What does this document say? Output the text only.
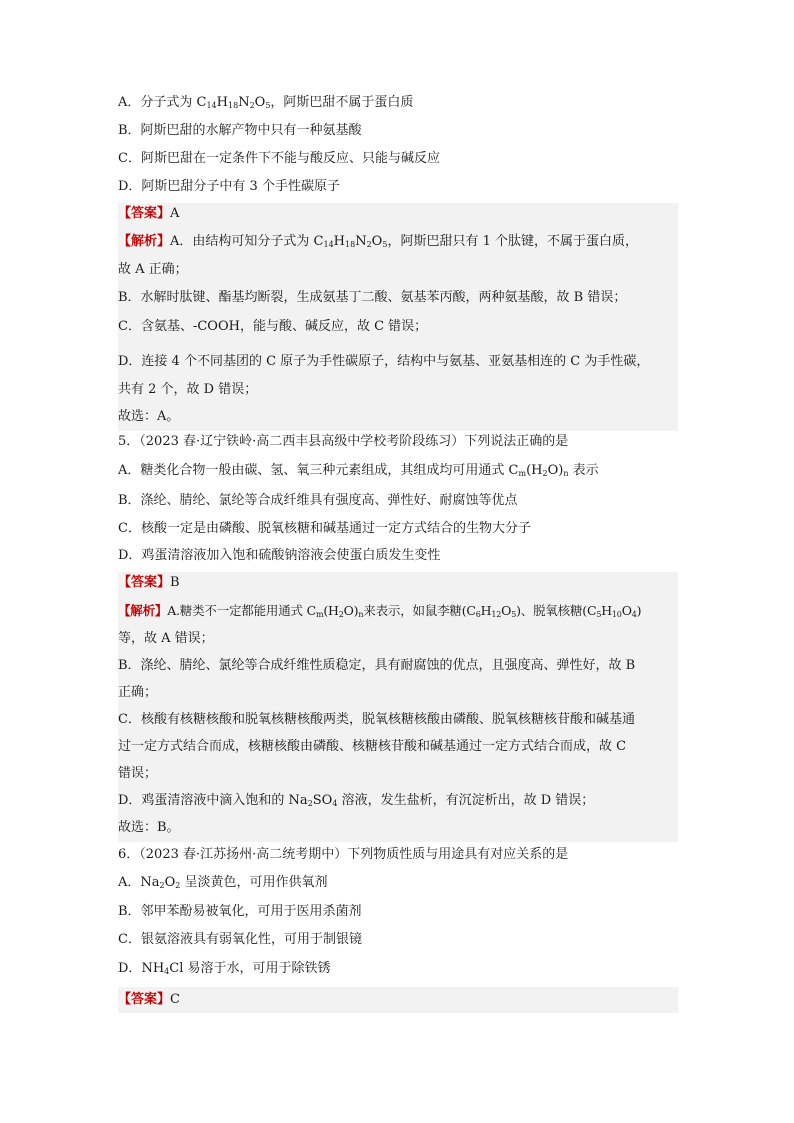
A．分子式为 $C_{14}H_{18}N_2O_5$，阿斯巴甜不属于蛋白质
B．阿斯巴甜的水解产物中只有一种氨基酸
C．阿斯巴甜在一定条件下不能与酸反应、只能与碱反应
D．阿斯巴甜分子中有 3 个手性碳原子
【答案】A
【解析】A．由结构可知分子式为 $C_{14}H_{18}N_2O_5$，阿斯巴甜只有 1 个肽键，不属于蛋白质，
故 A 正确；
B．水解时肽键、酯基均断裂，生成氨基丁二酸、氨基苯丙酸，两种氨基酸，故 B 错误；
C．含氨基、-COOH，能与酸、碱反应，故 C 错误；
D．连接 4 个不同基团的 C 原子为手性碳原子，结构中与氨基、亚氨基相连的 C 为手性碳，
共有 2 个，故 D 错误；
故选：A。
5．（2023 春·辽宁铁岭·高二西丰县高级中学校考阶段练习）下列说法正确的是
A．糖类化合物一般由碳、氢、氧三种元素组成，其组成均可用通式 $C_m(H_2O)_n$ 表示
B．涤纶、腈纶、氯纶等合成纤维具有强度高、弹性好、耐腐蚀等优点
C．核酸一定是由磷酸、脱氧核糖和碱基通过一定方式结合的生物大分子
D．鸡蛋清溶液加入饱和硫酸钠溶液会使蛋白质发生变性
【答案】B
【解析】A.糖类不一定都能用通式 $C_m(H_2O)_n$来表示，如鼠李糖$(C_6H_{12}O_5)$、脱氧核糖$(C_5H_{10}O_4)$
等，故 A 错误；
B．涤纶、腈纶、氯纶等合成纤维性质稳定，具有耐腐蚀的优点，且强度高、弹性好，故 B
正确；
C．核酸有核糖核酸和脱氧核糖核酸两类，脱氧核糖核酸由磷酸、脱氧核糖核苷酸和碱基通
过一定方式结合而成，核糖核酸由磷酸、核糖核苷酸和碱基通过一定方式结合而成，故 C
错误；
D．鸡蛋清溶液中滴入饱和的 $Na_2SO_4$ 溶液，发生盐析，有沉淀析出，故 D 错误；
故选：B。
6．（2023 春·江苏扬州·高二统考期中）下列物质性质与用途具有对应关系的是
A．$Na_2O_2$ 呈淡黄色，可用作供氧剂
B．邻甲苯酚易被氧化，可用于医用杀菌剂
C．银氨溶液具有弱氧化性，可用于制银镜
D．$NH_4Cl$ 易溶于水，可用于除铁锈
【答案】C
